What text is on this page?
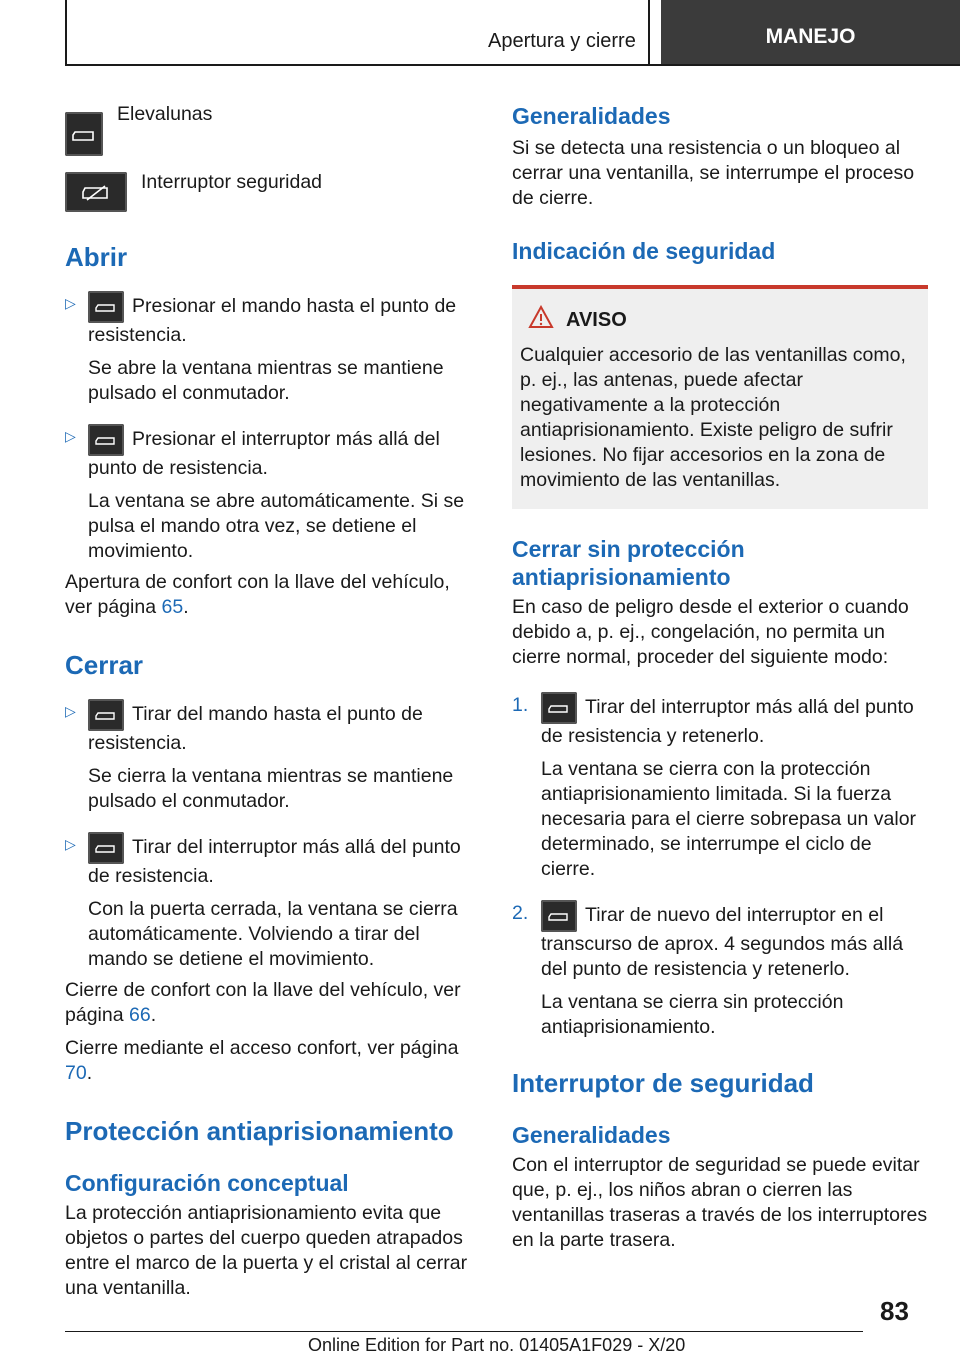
Apertura y cierre	MANEJO

Elevalunas

Interruptor seguridad

Abrir
▷	Presionar el mando hasta el punto de resistencia.

Se abre la ventana mientras se mantiene pulsado el conmutador.

▷	Presionar el interruptor más allá del punto de resistencia.

La ventana se abre automáticamente. Si se pulsa el mando otra vez, se detiene el movimiento.

Apertura de confort con la llave del vehículo, ver página 65.

Cerrar
▷	Tirar del mando hasta el punto de resistencia.

Se cierra la ventana mientras se mantiene pulsado el conmutador.

▷	Tirar del interruptor más allá del punto de resistencia.

Con la puerta cerrada, la ventana se cierra automáticamente. Volviendo a tirar del mando se detiene el movimiento.

Cierre de confort con la llave del vehículo, ver página 66.

Cierre mediante el acceso confort, ver página 70.

Protección antiaprisionamiento
Configuración conceptual

La protección antiaprisionamiento evita que objetos o partes del cuerpo queden atrapados entre el marco de la puerta y el cristal al cerrar una ventanilla.

Generalidades

Si se detecta una resistencia o un bloqueo al cerrar una ventanilla, se interrumpe el proceso de cierre.

Indicación de seguridad
AVISO

Cualquier accesorio de las ventanillas como, p. ej., las antenas, puede afectar negativamente a la protección antiaprisionamiento. Existe peligro de sufrir lesiones. No fijar accesorios en la zona de movimiento de las ventanillas.

Cerrar sin protección antiaprisionamiento

En caso de peligro desde el exterior o cuando debido a, p. ej., congelación, no permita un cierre normal, proceder del siguiente modo:

1.	Tirar del interruptor más allá del punto de resistencia y retenerlo.

La ventana se cierra con la protección antiaprisionamiento limitada. Si la fuerza necesaria para el cierre sobrepasa un valor determinado, se interrumpe el ciclo de cierre.

2.	Tirar de nuevo del interruptor en el transcurso de aprox. 4 segundos más allá del punto de resistencia y retenerlo.

La ventana se cierra sin protección antiaprisionamiento.

Interruptor de seguridad
Generalidades

Con el interruptor de seguridad se puede evitar que, p. ej., los niños abran o cierren las ventanillas traseras a través de los interruptores en la parte trasera.

83
Online Edition for Part no. 01405A1F029 - X/20
